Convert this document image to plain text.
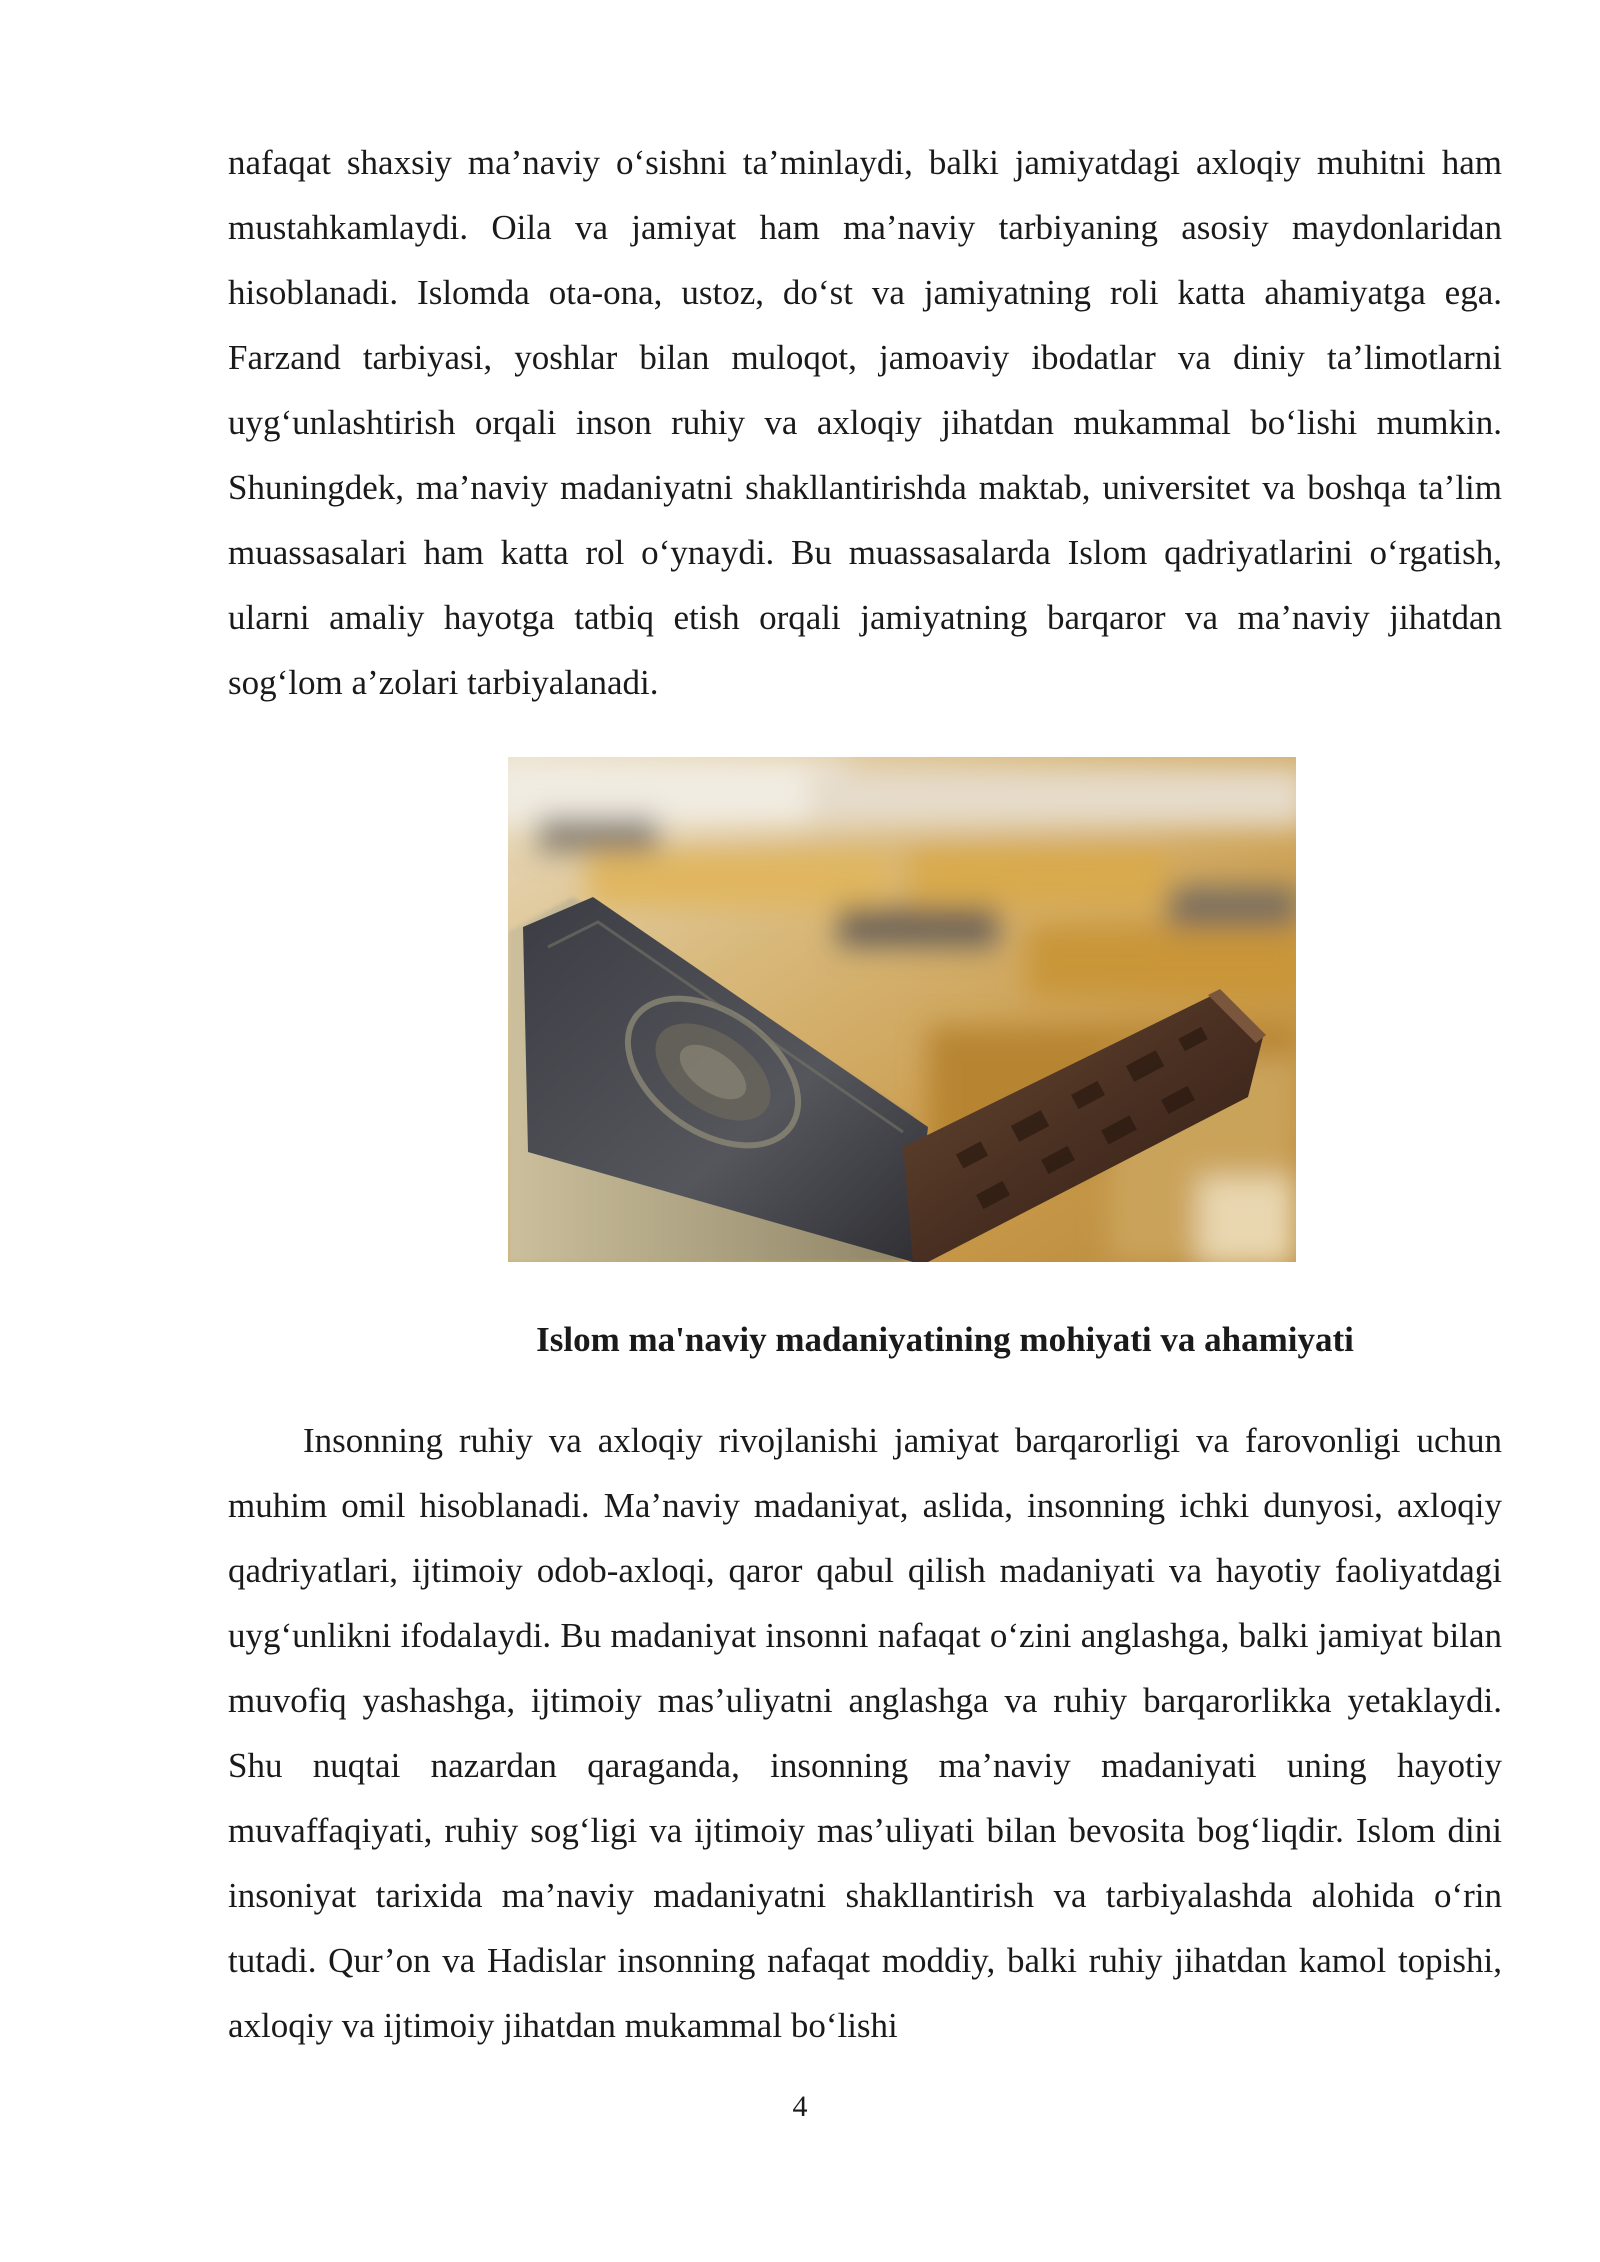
nafaqat shaxsiy ma’naviy o‘sishni ta’minlaydi, balki jamiyatdagi axloqiy muhitni ham mustahkamlaydi. Oila va jamiyat ham ma’naviy tarbiyaning asosiy maydonlaridan hisoblanadi. Islomda ota-ona, ustoz, do‘st va jamiyatning roli katta ahamiyatga ega. Farzand tarbiyasi, yoshlar bilan muloqot, jamoaviy ibodatlar va diniy ta’limotlarni uyg‘unlashtirish orqali inson ruhiy va axloqiy jihatdan mukammal bo‘lishi mumkin. Shuningdek, ma’naviy madaniyatni shakllantirishda maktab, universitet va boshqa ta’lim muassasalari ham katta rol o‘ynaydi. Bu muassasalarda Islom qadriyatlarini o‘rgatish, ularni amaliy hayotga tatbiq etish orqali jamiyatning barqaror va ma’naviy jihatdan sog‘lom a’zolari tarbiyalanadi.

Islom ma'naviy madaniyatining mohiyati va ahamiyati

Insonning ruhiy va axloqiy rivojlanishi jamiyat barqarorligi va farovonligi uchun muhim omil hisoblanadi. Ma’naviy madaniyat, aslida, insonning ichki dunyosi, axloqiy qadriyatlari, ijtimoiy odob-axloqi, qaror qabul qilish madaniyati va hayotiy faoliyatdagi uyg‘unlikni ifodalaydi. Bu madaniyat insonni nafaqat o‘zini anglashga, balki jamiyat bilan muvofiq yashashga, ijtimoiy mas’uliyatni anglashga va ruhiy barqarorlikka yetaklaydi. Shu nuqtai nazardan qaraganda, insonning ma’naviy madaniyati uning hayotiy muvaffaqiyati, ruhiy sog‘ligi va ijtimoiy mas’uliyati bilan bevosita bog‘liqdir. Islom dini insoniyat tarixida ma’naviy madaniyatni shakllantirish va tarbiyalashda alohida o‘rin tutadi. Qur’on va Hadislar insonning nafaqat moddiy, balki ruhiy jihatdan kamol topishi, axloqiy va ijtimoiy jihatdan mukammal bo‘lishi

4
